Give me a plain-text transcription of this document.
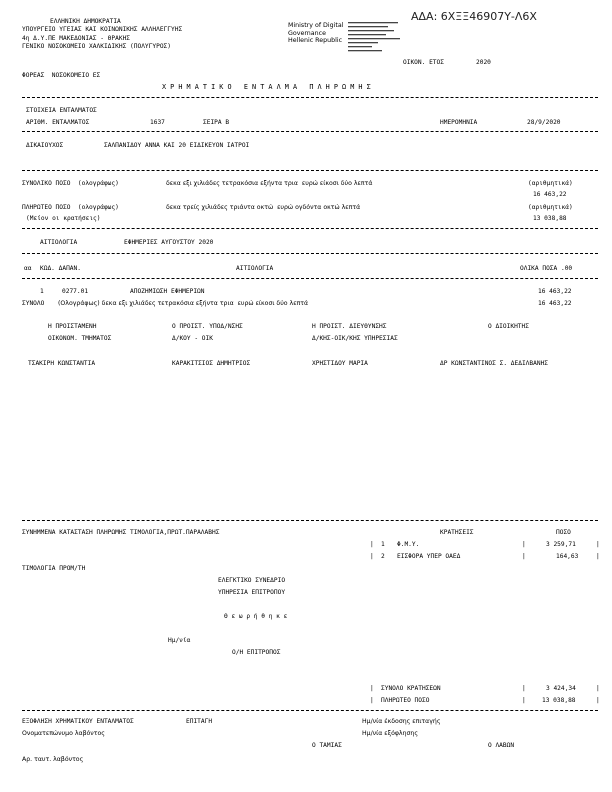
ΑΔΑ: 6ΧΞΞ46907Υ-Λ6Χ
ΕΛΛΗΝΙΚΗ ΔΗΜΟΚΡΑΤΙΑ
ΥΠΟΥΡΓΕΙΟ ΥΓΕΙΑΣ ΚΑΙ ΚΟΙΝΩΝΙΚΗΣ ΑΛΛΗΛΕΓΓΥΗΣ
4η Δ.Υ.ΠΕ ΜΑΚΕΔΟΝΙΑΣ - ΘΡΑΚΗΣ
ΓΕΝΙΚΟ ΝΟΣΟΚΟΜΕΙΟ ΧΑΛΚΙΔΙΚΗΣ (ΠΟΛΥΓΥΡΟΣ)
Ministry of Digital
Governance
Hellenic Republic
ΟΙΚΟΝ. ΕΤΟΣ	2020
ΦΟΡΕΑΣ  ΝΟΣΟΚΟΜΕΙΟ ΕΣ
Χ Ρ Η Μ Α Τ Ι Κ Ο   Ε Ν Τ Α Λ Μ Α   Π Λ Η Ρ Ω Μ Η Σ
ΣΤΟΙΧΕΙΑ ΕΝΤΑΛΜΑΤΟΣ
ΑΡΙΘΜ. ΕΝΤΑΛΜΑΤΟΣ	1637	ΣΕΙΡΑ Β	ΗΜΕΡΟΜΗΝΙΑ	28/9/2020
ΔΙΚΑΙΟΥΧΟΣ	ΣΑΛΠΑΝΙΔΟΥ ΑΝΝΑ ΚΑΙ 20 ΕΙΔΙΚΕΥΟΝ ΙΑΤΡΟΙ
ΣΥΝΟΛΙΚΟ ΠΟΣΟ  (ολογράφως)	δεκα εξι χιλιάδες τετρακόσια εξήντα τρια  ευρώ είκοσι δύο λεπτά	(αριθμητικά)
16 463,22
ΠΛΗΡΩΤΕΟ ΠΟΣΟ  (ολογράφως)	δεκα τρείς χιλιάδες τριάντα οκτώ  ευρώ ογδόντα οκτώ λεπτά	(αριθμητικά)
(Μείον οι κρατήσεις)	13 038,88
ΑΙΤΙΟΛΟΓΙΑ	ΕΦΗΜΕΡΙΕΣ ΑΥΓΟΥΣΤΟΥ 2020
αα ΚΩΔ. ΔΑΠΑΝ.	ΑΙΤΙΟΛΟΓΙΑ	ΟΛΙΚΑ ΠΟΣΑ .00
1	0277.01	ΑΠΟΖΗΜΙΩΣΗ ΕΦΗΜΕΡΙΩΝ	16 463,22
ΣΥΝΟΛΟ (Ολογράφως) δεκα εξι χιλιάδες τετρακόσια εξήντα τρια  ευρώ είκοσι δύο λεπτά	16 463,22
Η ΠΡΟΙΣΤΑΜΕΝΗ	Ο ΠΡΟΙΣΤ. ΥΠΟΔ/ΝΣΗΣ	Η ΠΡΟΙΣΤ. ΔΙΕΥΘΥΝΣΗΣ	Ο ΔΙΟΙΚΗΤΗΣ
ΟΙΚΟΝΟΜ. ΤΜΗΜΑΤΟΣ	Δ/ΚΟΥ - ΟΙΚ	Δ/ΚΗΣ-ΟΙΚ/ΚΗΣ ΥΠΗΡΕΣΙΑΣ
ΤΣΑΚΙΡΗ ΚΩΝΣΤΑΝΤΙΑ	ΚΑΡΑΚΙΤΣΙΟΣ ΔΗΜΗΤΡΙΟΣ	ΧΡΗΣΤΙΔΟΥ ΜΑΡΙΑ	ΔΡ ΚΩΝΣΤΑΝΤΙΝΟΣ Σ. ΔΕΔΙΛΒΑΝΗΣ
ΣΥΝΗΜΜΕΝΑ ΚΑΤΑΣΤΑΣΗ ΠΛΗΡΩΜΗΣ ΤΙΜΟΛΟΓΙΑ,ΠΡΩΤ.ΠΑΡΑΛΑΒΗΣ	ΚΡΑΤΗΣΕΙΣ	ΠΟΣΟ
| 1 Φ.Μ.Υ.	|	3 259,71	|
| 2 ΕΙΣΦΟΡΑ ΥΠΕΡ ΟΑΕΔ	|	164,63	|
ΤΙΜΟΛΟΓΙΑ ΠΡΟΜ/ΤΗ
ΕΛΕΓΚΤΙΚΟ ΣΥΝΕΔΡΙΟ
ΥΠΗΡΕΣΙΑ ΕΠΙΤΡΟΠΟΥ
Θ ε ω ρ ή θ η κ ε
Ημ/νία
Ο/Η ΕΠΙΤΡΟΠΟΣ
| ΣΥΝΟΛΟ ΚΡΑΤΗΣΕΩΝ	|	3 424,34	|
| ΠΛΗΡΩΤΕΟ ΠΟΣΟ	|	13 038,88	|
ΕΞΟΦΛΗΣΗ ΧΡΗΜΑΤΙΚΟΥ ΕΝΤΑΛΜΑΤΟΣ	ΕΠΙΤΑΓΗ	Ημ/νία έκδοσης επιταγής
Ονοματεπώνυμο λαβόντος	Ημ/νία εξόφλησης
Ο ΤΑΜΙΑΣ	Ο ΛΑΒΩΝ
Αρ. ταυτ. λαβόντος
